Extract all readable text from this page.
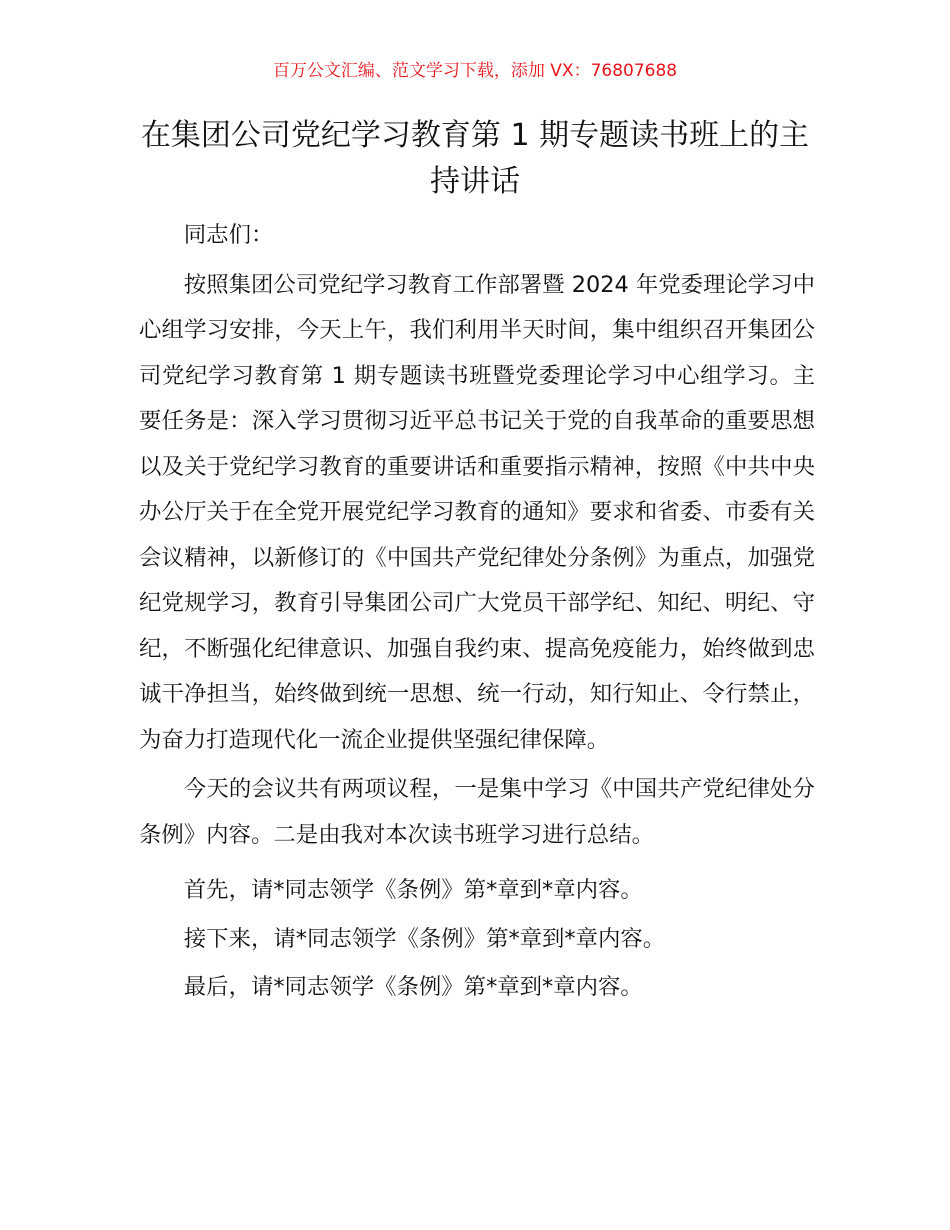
百万公文汇编、范文学习下载，添加 VX：76807688
在集团公司党纪学习教育第 1 期专题读书班上的主持讲话

同志们：

按照集团公司党纪学习教育工作部署暨 2024 年党委理论学习中心组学习安排，今天上午，我们利用半天时间，集中组织召开集团公司党纪学习教育第 1 期专题读书班暨党委理论学习中心组学习。主要任务是：深入学习贯彻习近平总书记关于党的自我革命的重要思想以及关于党纪学习教育的重要讲话和重要指示精神，按照《中共中央办公厅关于在全党开展党纪学习教育的通知》要求和省委、市委有关会议精神，以新修订的《中国共产党纪律处分条例》为重点，加强党纪党规学习，教育引导集团公司广大党员干部学纪、知纪、明纪、守纪，不断强化纪律意识、加强自我约束、提高免疫能力，始终做到忠诚干净担当，始终做到统一思想、统一行动，知行知止、令行禁止，为奋力打造现代化一流企业提供坚强纪律保障。

今天的会议共有两项议程，一是集中学习《中国共产党纪律处分条例》内容。二是由我对本次读书班学习进行总结。

首先，请*同志领学《条例》第*章到*章内容。

接下来，请*同志领学《条例》第*章到*章内容。

最后，请*同志领学《条例》第*章到*章内容。
